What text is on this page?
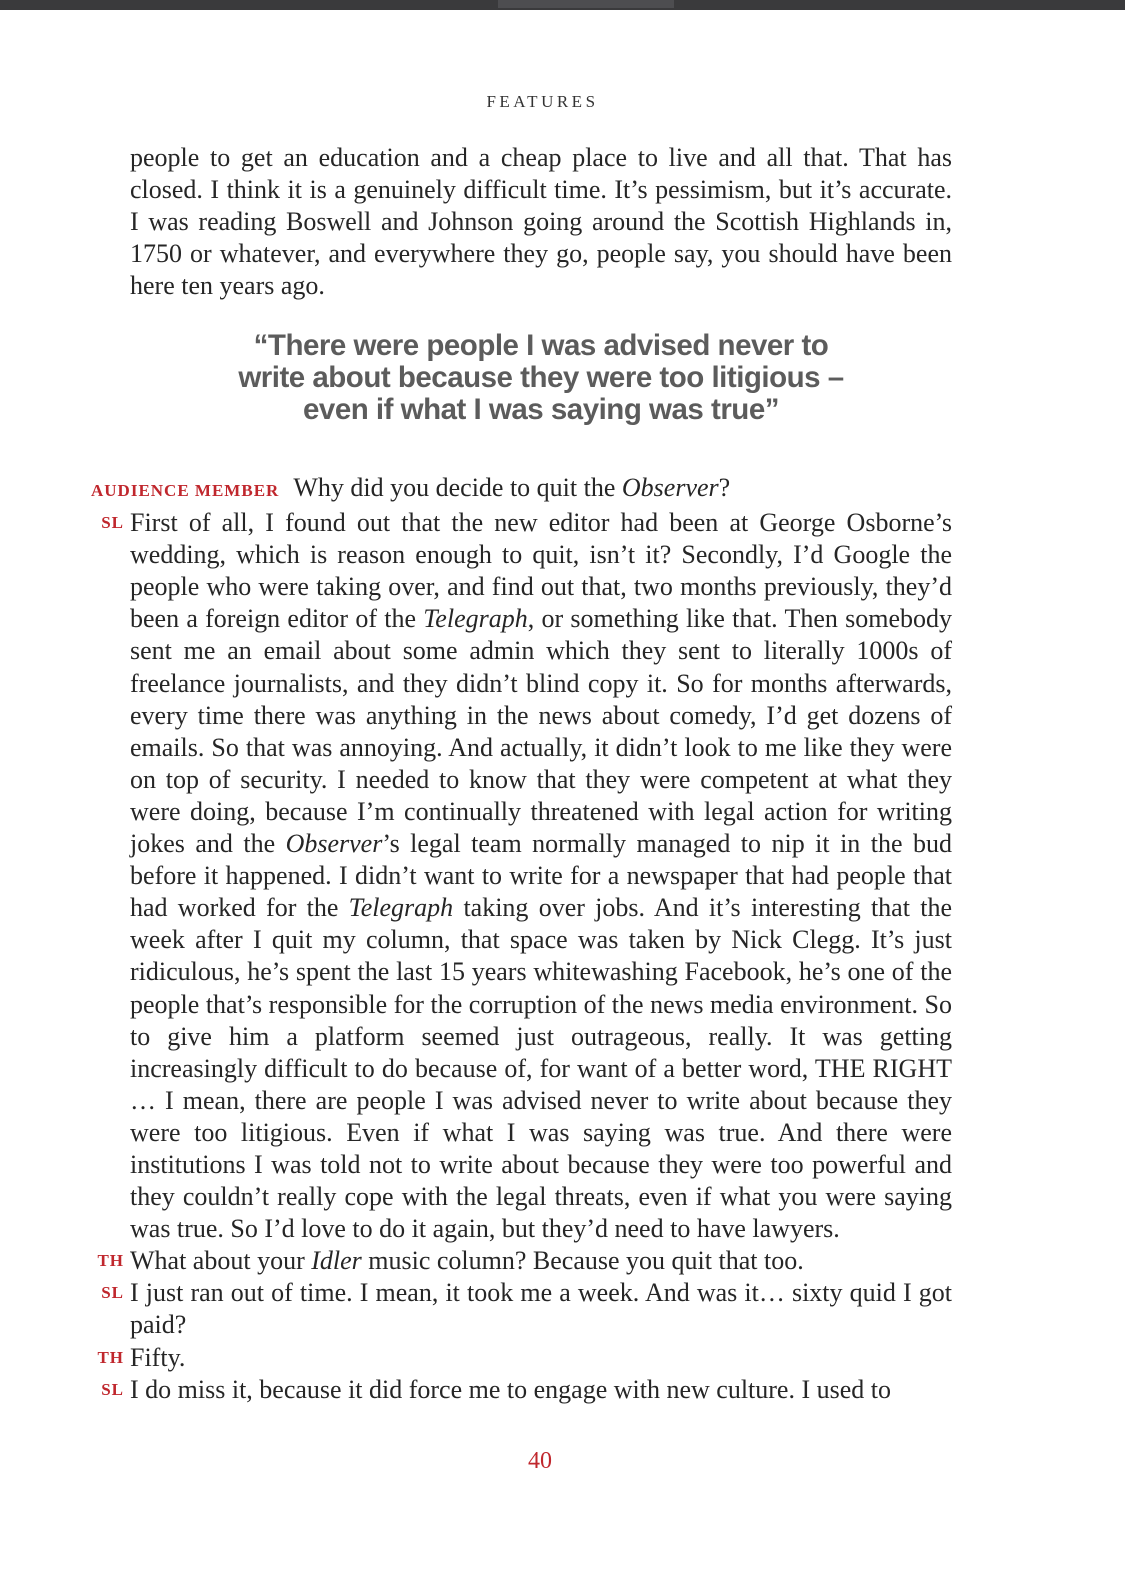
FEATURES

people to get an education and a cheap place to live and all that. That has closed. I think it is a genuinely difficult time. It’s pessimism, but it’s accurate. I was reading Boswell and Johnson going around the Scottish Highlands in, 1750 or whatever, and everywhere they go, people say, you should have been here ten years ago.

“There were people I was advised never to
write about because they were too litigious –
even if what I was saying was true”
AUDIENCE MEMBER Why did you decide to quit the Observer?
SL First of all, I found out that the new editor had been at George Osborne’s wedding, which is reason enough to quit, isn’t it? Secondly, I’d Google the people who were taking over, and find out that, two months previously, they’d been a foreign editor of the Telegraph, or something like that. Then somebody sent me an email about some admin which they sent to literally 1000s of freelance journalists, and they didn’t blind copy it. So for months afterwards, every time there was anything in the news about comedy, I’d get dozens of emails. So that was annoying. And actually, it didn’t look to me like they were on top of security. I needed to know that they were competent at what they were doing, because I’m continually threatened with legal action for writing jokes and the Observer’s legal team normally managed to nip it in the bud before it happened. I didn’t want to write for a newspaper that had people that had worked for the Telegraph taking over jobs. And it’s interesting that the week after I quit my column, that space was taken by Nick Clegg. It’s just ridiculous, he’s spent the last 15 years whitewashing Facebook, he’s one of the people that’s responsible for the corruption of the news media environment. So to give him a platform seemed just outrageous, really. It was getting increasingly difficult to do because of, for want of a better word, THE RIGHT … I mean, there are people I was advised never to write about because they were too litigious. Even if what I was saying was true. And there were institutions I was told not to write about because they were too powerful and they couldn’t really cope with the legal threats, even if what you were saying was true. So I’d love to do it again, but they’d need to have lawyers.
TH What about your Idler music column? Because you quit that too.
SL I just ran out of time. I mean, it took me a week. And was it… sixty quid I got paid?
TH Fifty.
SL I do miss it, because it did force me to engage with new culture. I used to
40
